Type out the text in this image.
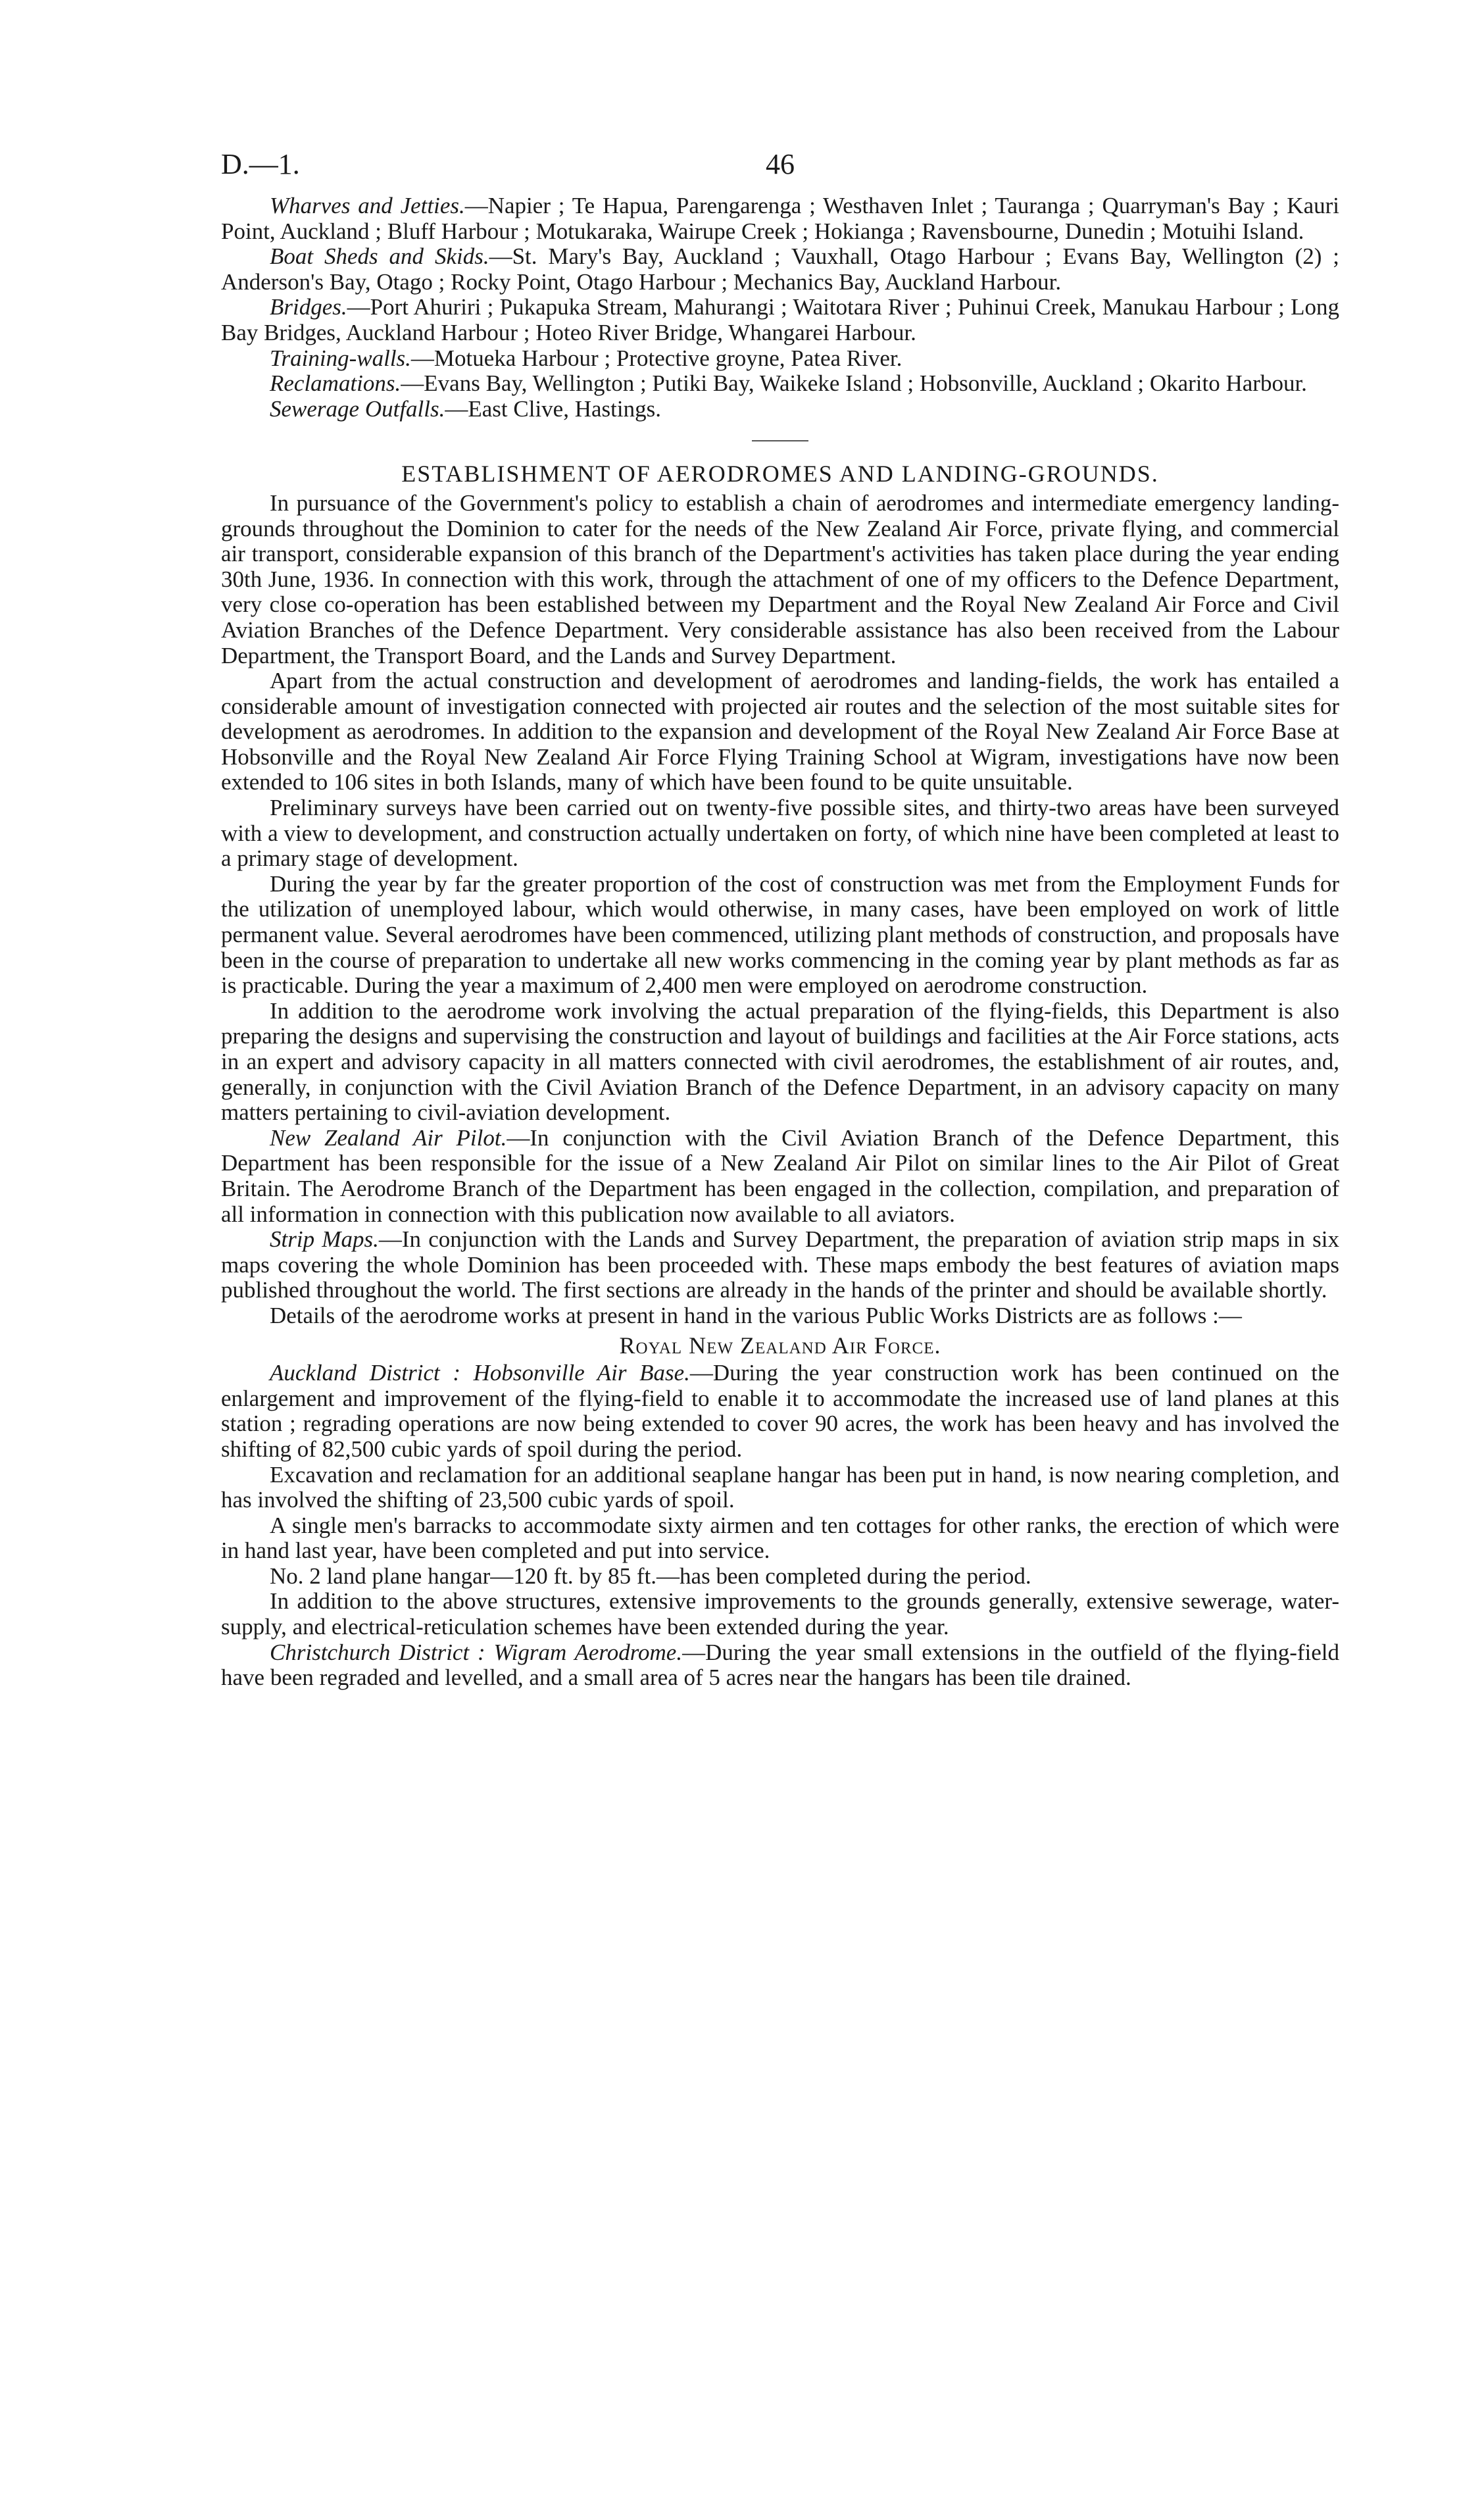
D.—1.	46

Wharves and Jetties.—Napier ; Te Hapua, Parengarenga ; Westhaven Inlet ; Tauranga ; Quarryman's Bay ; Kauri Point, Auckland ; Bluff Harbour ; Motukaraka, Wairupe Creek ; Hokianga ; Ravensbourne, Dunedin ; Motuihi Island.

Boat Sheds and Skids.—St. Mary's Bay, Auckland ; Vauxhall, Otago Harbour ; Evans Bay, Wellington (2) ; Anderson's Bay, Otago ; Rocky Point, Otago Harbour ; Mechanics Bay, Auckland Harbour.

Bridges.—Port Ahuriri ; Pukapuka Stream, Mahurangi ; Waitotara River ; Puhinui Creek, Manukau Harbour ; Long Bay Bridges, Auckland Harbour ; Hoteo River Bridge, Whangarei Harbour.

Training-walls.—Motueka Harbour ; Protective groyne, Patea River.

Reclamations.—Evans Bay, Wellington ; Putiki Bay, Waikeke Island ; Hobsonville, Auckland ; Okarito Harbour.

Sewerage Outfalls.—East Clive, Hastings.

ESTABLISHMENT OF AERODROMES AND LANDING-GROUNDS.

In pursuance of the Government's policy to establish a chain of aerodromes and intermediate emergency landing-grounds throughout the Dominion to cater for the needs of the New Zealand Air Force, private flying, and commercial air transport, considerable expansion of this branch of the Department's activities has taken place during the year ending 30th June, 1936. In connection with this work, through the attachment of one of my officers to the Defence Department, very close co-operation has been established between my Department and the Royal New Zealand Air Force and Civil Aviation Branches of the Defence Department. Very considerable assistance has also been received from the Labour Department, the Transport Board, and the Lands and Survey Department.

Apart from the actual construction and development of aerodromes and landing-fields, the work has entailed a considerable amount of investigation connected with projected air routes and the selection of the most suitable sites for development as aerodromes. In addition to the expansion and development of the Royal New Zealand Air Force Base at Hobsonville and the Royal New Zealand Air Force Flying Training School at Wigram, investigations have now been extended to 106 sites in both Islands, many of which have been found to be quite unsuitable.

Preliminary surveys have been carried out on twenty-five possible sites, and thirty-two areas have been surveyed with a view to development, and construction actually undertaken on forty, of which nine have been completed at least to a primary stage of development.

During the year by far the greater proportion of the cost of construction was met from the Employment Funds for the utilization of unemployed labour, which would otherwise, in many cases, have been employed on work of little permanent value. Several aerodromes have been commenced, utilizing plant methods of construction, and proposals have been in the course of preparation to undertake all new works commencing in the coming year by plant methods as far as is practicable. During the year a maximum of 2,400 men were employed on aerodrome construction.

In addition to the aerodrome work involving the actual preparation of the flying-fields, this Department is also preparing the designs and supervising the construction and layout of buildings and facilities at the Air Force stations, acts in an expert and advisory capacity in all matters connected with civil aerodromes, the establishment of air routes, and, generally, in conjunction with the Civil Aviation Branch of the Defence Department, in an advisory capacity on many matters pertaining to civil-aviation development.

New Zealand Air Pilot.—In conjunction with the Civil Aviation Branch of the Defence Department, this Department has been responsible for the issue of a New Zealand Air Pilot on similar lines to the Air Pilot of Great Britain. The Aerodrome Branch of the Department has been engaged in the collection, compilation, and preparation of all information in connection with this publication now available to all aviators.

Strip Maps.—In conjunction with the Lands and Survey Department, the preparation of aviation strip maps in six maps covering the whole Dominion has been proceeded with. These maps embody the best features of aviation maps published throughout the world. The first sections are already in the hands of the printer and should be available shortly.

Details of the aerodrome works at present in hand in the various Public Works Districts are as follows :—

Royal New Zealand Air Force.

Auckland District : Hobsonville Air Base.—During the year construction work has been continued on the enlargement and improvement of the flying-field to enable it to accommodate the increased use of land planes at this station ; regrading operations are now being extended to cover 90 acres, the work has been heavy and has involved the shifting of 82,500 cubic yards of spoil during the period.

Excavation and reclamation for an additional seaplane hangar has been put in hand, is now nearing completion, and has involved the shifting of 23,500 cubic yards of spoil.

A single men's barracks to accommodate sixty airmen and ten cottages for other ranks, the erection of which were in hand last year, have been completed and put into service.

No. 2 land plane hangar—120 ft. by 85 ft.—has been completed during the period.

In addition to the above structures, extensive improvements to the grounds generally, extensive sewerage, water-supply, and electrical-reticulation schemes have been extended during the year.

Christchurch District : Wigram Aerodrome.—During the year small extensions in the outfield of the flying-field have been regraded and levelled, and a small area of 5 acres near the hangars has been tile drained.
